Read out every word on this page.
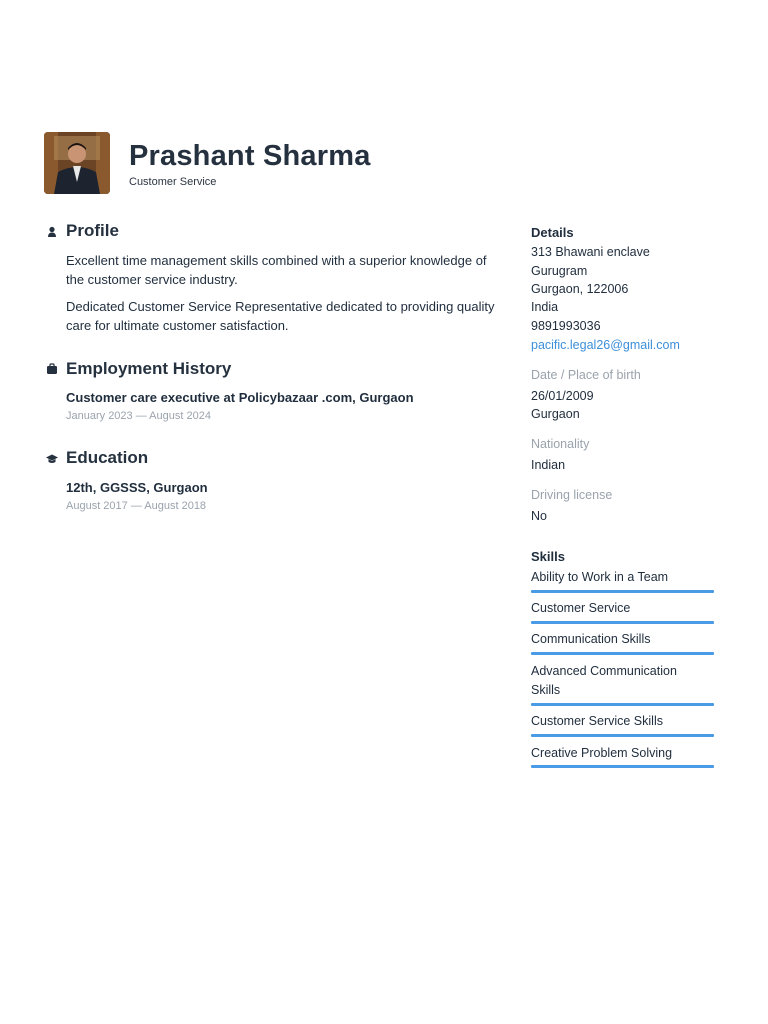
Prashant Sharma
Customer Service
Profile
Excellent time management skills combined with a superior knowledge of the customer service industry.
Dedicated Customer Service Representative dedicated to providing quality care for ultimate customer satisfaction.
Employment History
Customer care executive at Policybazaar .com, Gurgaon
January 2023 — August 2024
Education
12th, GGSSS, Gurgaon
August 2017 — August 2018
Details
313 Bhawani enclave
Gurugram
Gurgaon, 122006
India
9891993036
pacific.legal26@gmail.com
Date / Place of birth
26/01/2009
Gurgaon
Nationality
Indian
Driving license
No
Skills
Ability to Work in a Team
Customer Service
Communication Skills
Advanced Communication Skills
Customer Service Skills
Creative Problem Solving
